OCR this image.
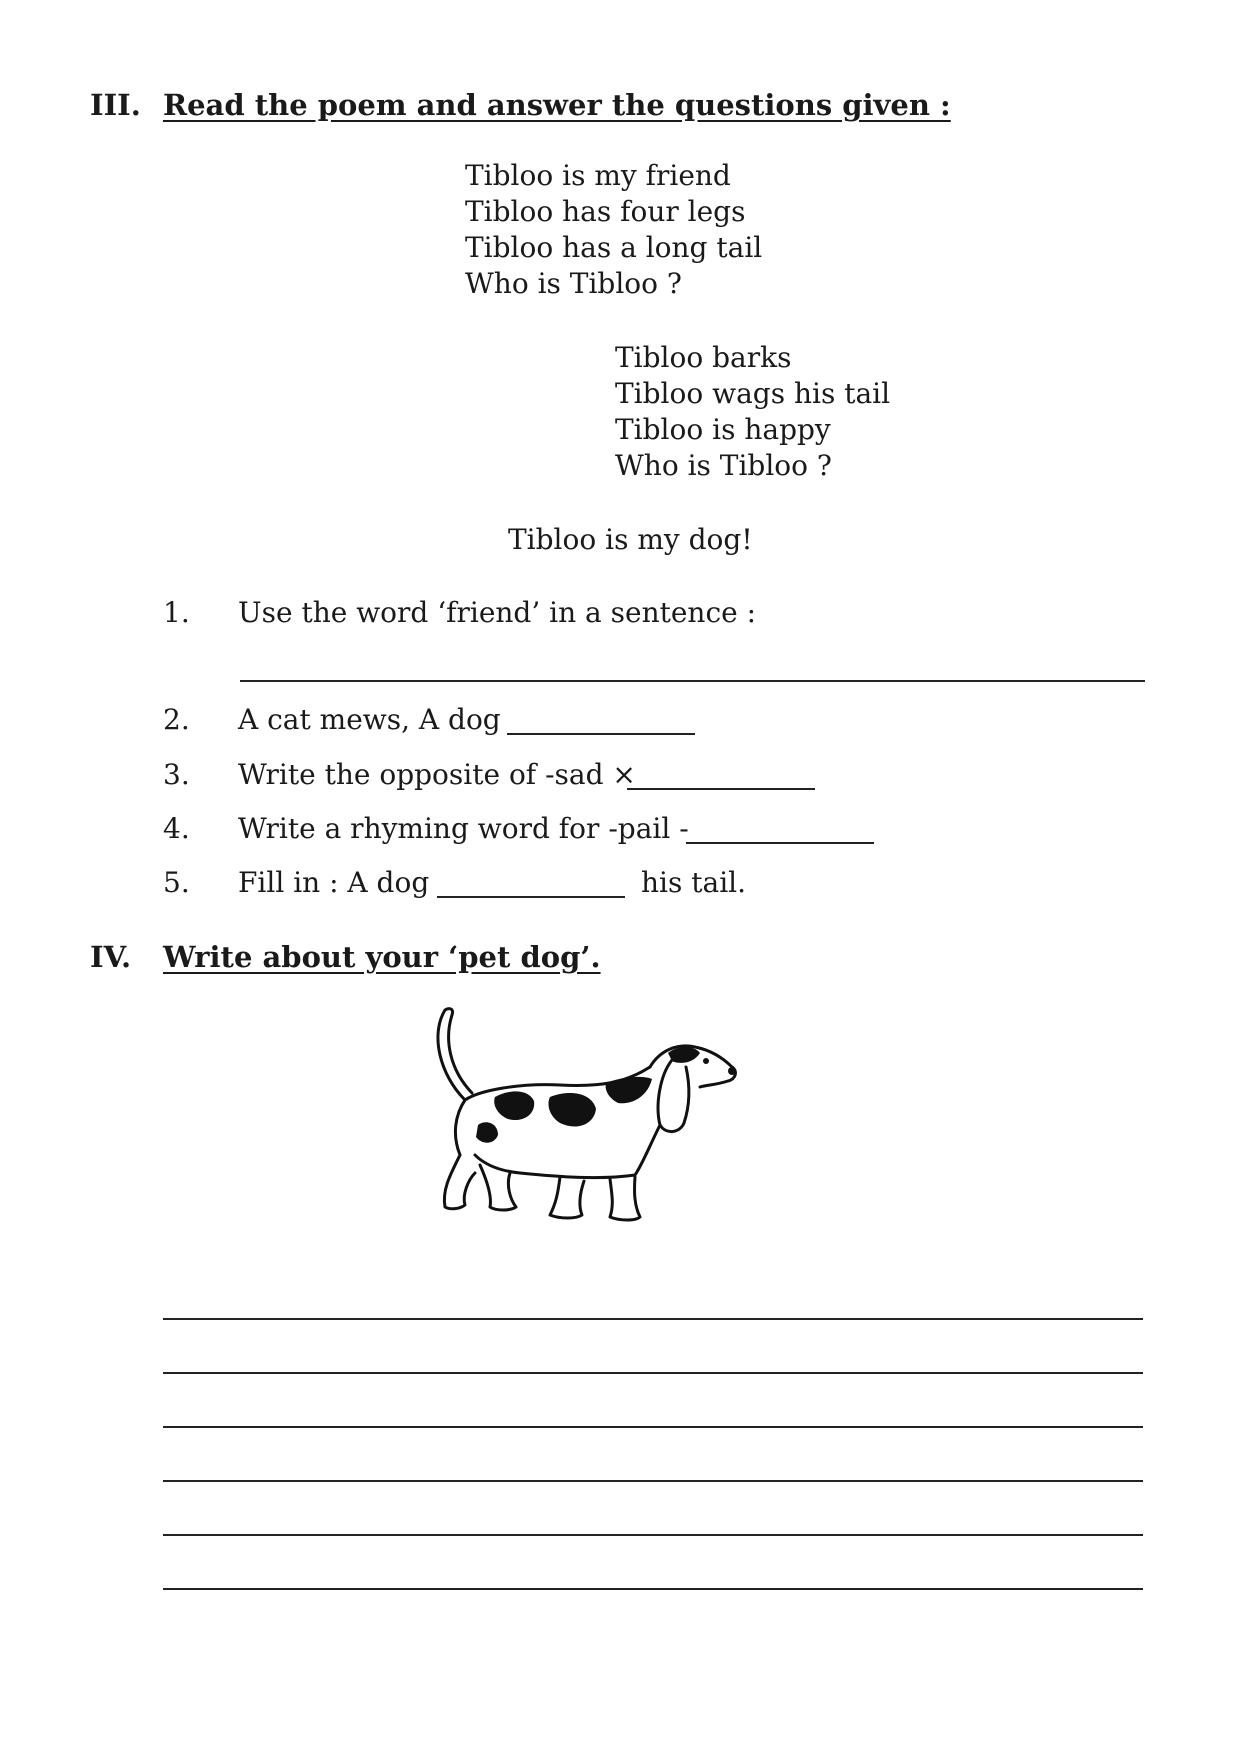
III. Read the poem and answer the questions given :
Tibloo is my friend
Tibloo has four legs
Tibloo has a long tail
Who is Tibloo ?
Tibloo barks
Tibloo wags his tail
Tibloo is happy
Who is Tibloo ?
Tibloo is my dog!
1. Use the word ‘friend’ in a sentence :
2. A cat mews, A dog
3. Write the opposite of -sad ×
4. Write a rhyming word for -pail -
5. Fill in : A dog	his tail.
IV. Write about your ‘pet dog’.
